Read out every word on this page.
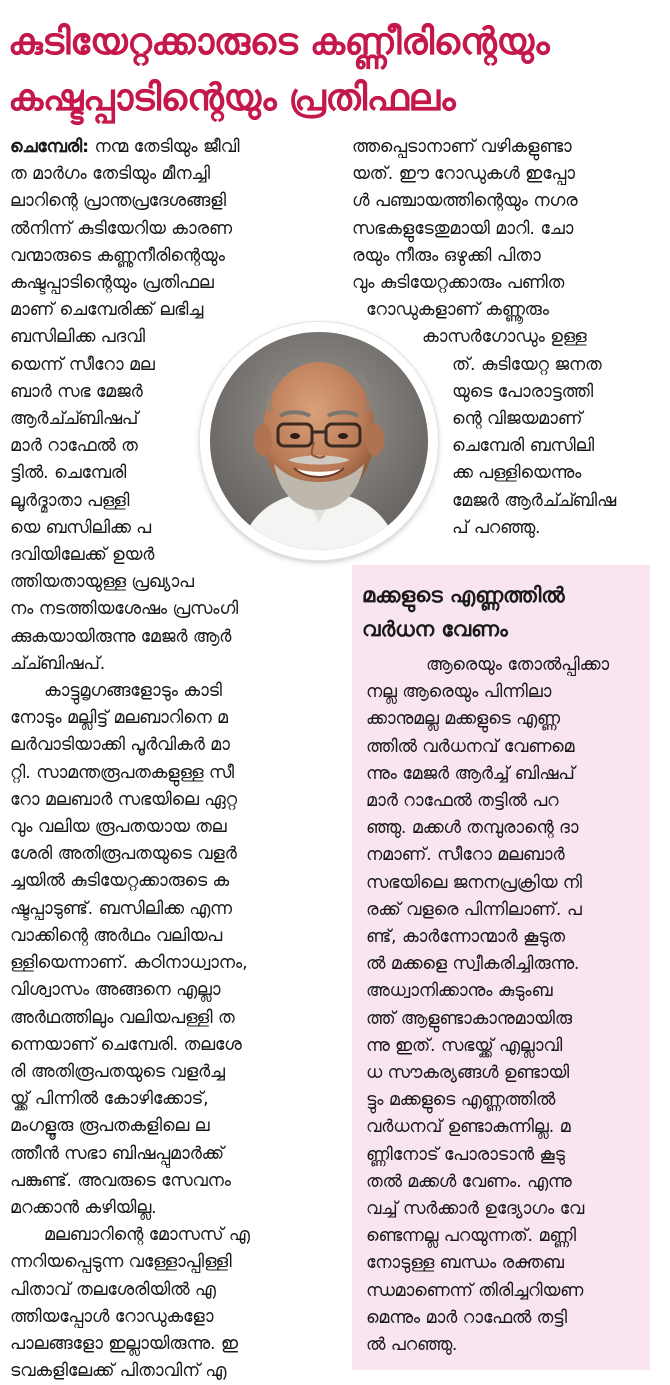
കുടിയേറ്റക്കാരുടെ കണ്ണീരിന്റെയും
കഷ്ടപ്പാടിന്റെയും പ്രതിഫലം
ചെമ്പേരി: നന്മ തേടിയും ജീവി
ത മാർഗം തേടിയും മീനച്ചി
ലാറിന്റെ പ്രാന്തപ്രദേശങ്ങളി
ൽനിന്ന് കുടിയേറിയ കാരണ
വന്മാരുടെ കണ്ണുനീരിന്റെയും
കഷ്ടപ്പാടിന്റെയും പ്രതിഫല
മാണ് ചെമ്പേരിക്ക് ലഭിച്ച
ബസിലിക്ക പദവി
യെന്ന് സീറോ മല
ബാർ സഭ മേജർ
ആർച്ച്ബിഷപ്
മാർ റാഫേൽ ത
ട്ടിൽ. ചെമ്പേരി
ലൂർദ്മാതാ പള്ളി
യെ ബസിലിക്ക പ
ദവിയിലേക്ക് ഉയർ
ത്തിയതായുള്ള പ്രഖ്യാപ
നം നടത്തിയശേഷം പ്രസംഗി
ക്കുകയായിരുന്നു മേജർ ആർ
ച്ച്ബിഷപ്.
കാട്ടുമൃഗങ്ങളോടും കാടി
നോടും മല്ലിട്ട് മലബാറിനെ മ
ലർവാടിയാക്കി പൂർവികർ മാ
റ്റി. സാമന്തരൂപതകളുള്ള സീ
റോ മലബാർ സഭയിലെ ഏറ്റ
വും വലിയ രൂപതയായ തല
ശേരി അതിരൂപതയുടെ വളർ
ച്ചയിൽ കുടിയേറ്റക്കാരുടെ ക
ഷ്ടപ്പാടുണ്ട്. ബസിലിക്ക എന്ന
വാക്കിന്റെ അർഥം വലിയപ
ള്ളിയെന്നാണ്. കഠിനാധ്വാനം,
വിശ്വാസം അങ്ങനെ എല്ലാ
അർഥത്തിലും വലിയപള്ളി ത
ന്നെയാണ് ചെമ്പേരി. തലശേ
രി അതിരൂപതയുടെ വളർച്ച
യ്ക്ക് പിന്നിൽ കോഴിക്കോട്,
മംഗളൂരു രൂപതകളിലെ ല
ത്തീൻ സഭാ ബിഷപ്പുമാർക്ക്
പങ്കുണ്ട്. അവരുടെ സേവനം
മറക്കാൻ കഴിയില്ല.
മലബാറിന്റെ മോസസ് എ
ന്നറിയപ്പെടുന്ന വള്ളോപ്പിള്ളി
പിതാവ് തലശേരിയിൽ എ
ത്തിയപ്പോൾ റോഡുകളോ
പാലങ്ങളോ ഇല്ലായിരുന്നു. ഇ
ടവകളിലേക്ക് പിതാവിന് എ
ത്തപ്പെടാനാണ് വഴികളുണ്ടാ
യത്. ഈ റോഡുകൾ ഇപ്പോ
ൾ പഞ്ചായത്തിന്റെയും നഗര
സഭകളുടേതുമായി മാറി. ചോ
രയും നീരും ഒഴുക്കി പിതാ
വും കുടിയേറ്റക്കാരും പണിത
റോഡുകളാണ് കണ്ണൂരും
കാസർഗോഡും ഉള്ള
ത്. കുടിയേറ്റ ജനത
യുടെ പോരാട്ടത്തി
ന്റെ വിജയമാണ്
ചെമ്പേരി ബസിലി
ക്ക പള്ളിയെന്നും
മേജർ ആർച്ച്ബിഷ
പ് പറഞ്ഞു.
മക്കളുടെ എണ്ണത്തിൽ
വർധന വേണം
ആരെയും തോൽപ്പിക്കാ
നല്ല ആരെയും പിന്നിലാ
ക്കാനുമല്ല മക്കളുടെ എണ്ണ
ത്തിൽ വർധനവ് വേണമെ
ന്നും മേജർ ആർച്ച് ബിഷപ്
മാർ റാഫേൽ തട്ടിൽ പറ
ഞ്ഞു. മക്കൾ തമ്പുരാന്റെ ദാ
നമാണ്. സീറോ മലബാർ
സഭയിലെ ജനനപ്രക്രിയ നി
രക്ക് വളരെ പിന്നിലാണ്. പ
ണ്ട്, കാർന്നോന്മാർ കൂടുത
ൽ മക്കളെ സ്വീകരിച്ചിരുന്നു.
അധ്വാനിക്കാനും കുടുംബ
ത്ത് ആളുണ്ടാകാനുമായിരു
ന്നു ഇത്. സഭയ്ക്ക് എല്ലാവി
ധ സൗകര്യങ്ങൾ ഉണ്ടായി
ട്ടും മക്കളുടെ എണ്ണത്തിൽ
വർധനവ് ഉണ്ടാകുന്നില്ല. മ
ണ്ണിനോട് പോരാടാൻ കൂടു
തൽ മക്കൾ വേണം. എന്നു
വച്ച് സർക്കാർ ഉദ്യോഗം വേ
ണ്ടെന്നല്ല പറയുന്നത്. മണ്ണി
നോടുള്ള ബന്ധം രക്തബ
ന്ധമാണെന്ന് തിരിച്ചറിയണ
മെന്നും മാർ റാഫേൽ തട്ടി
ൽ പറഞ്ഞു.
